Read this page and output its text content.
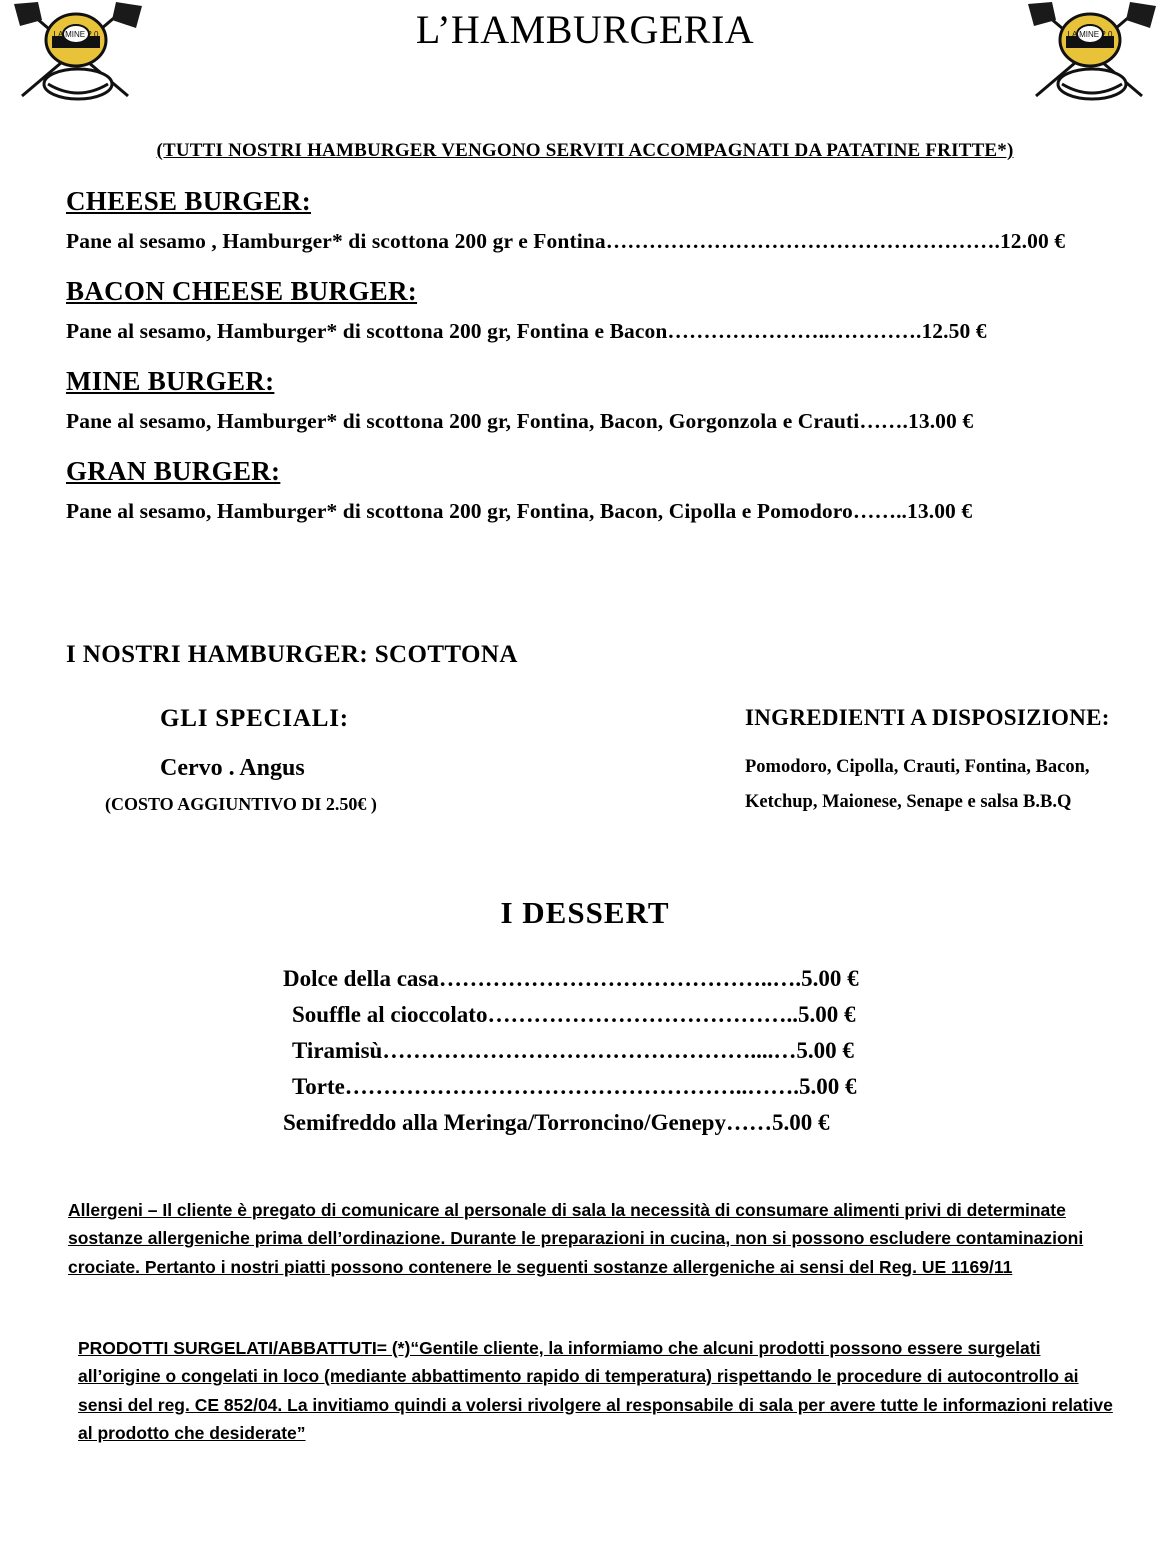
LA MINE 2.0	LA MINE 2.0
L’HAMBURGERIA
(TUTTI NOSTRI HAMBURGER VENGONO SERVITI ACCOMPAGNATI DA PATATINE FRITTE*)
CHEESE BURGER:
Pane al sesamo , Hamburger* di scottona 200 gr e Fontina……………………………………………….12.00 €
BACON CHEESE BURGER:
Pane al sesamo, Hamburger* di scottona 200 gr, Fontina e Bacon…………………..………….12.50 €
MINE BURGER:
Pane al sesamo, Hamburger* di scottona 200 gr, Fontina, Bacon, Gorgonzola e Crauti…….13.00 €
GRAN BURGER:
Pane al sesamo, Hamburger* di scottona 200 gr, Fontina, Bacon, Cipolla e Pomodoro……..13.00 €
I NOSTRI HAMBURGER: SCOTTONA
GLI SPECIALI:
Cervo . Angus
(COSTO AGGIUNTIVO DI 2.50€ )
INGREDIENTI A DISPOSIZIONE:
Pomodoro, Cipolla, Crauti, Fontina, Bacon,
Ketchup, Maionese, Senape e salsa B.B.Q
I DESSERT
Dolce della casa……………………………………..….5.00 €
Souffle al cioccolato…………………………………..5.00 €
Tiramisù…………………………………………....…5.00 €
Torte……………………………………………..…….5.00 €
Semifreddo alla Meringa/Torroncino/Genepy……5.00 €
Allergeni – Il cliente è pregato di comunicare al personale di sala la necessità di consumare alimenti privi di determinate sostanze allergeniche prima dell’ordinazione. Durante le preparazioni in cucina, non si possono escludere contaminazioni crociate. Pertanto i nostri piatti possono contenere le seguenti sostanze allergeniche ai sensi del Reg. UE 1169/11
PRODOTTI SURGELATI/ABBATTUTI= (*)“Gentile cliente, la informiamo che alcuni prodotti possono essere surgelati all’origine o congelati in loco (mediante abbattimento rapido di temperatura) rispettando le procedure di autocontrollo ai sensi del reg. CE 852/04. La invitiamo quindi a volersi rivolgere al responsabile di sala per avere tutte le informazioni relative al prodotto che desiderate”
